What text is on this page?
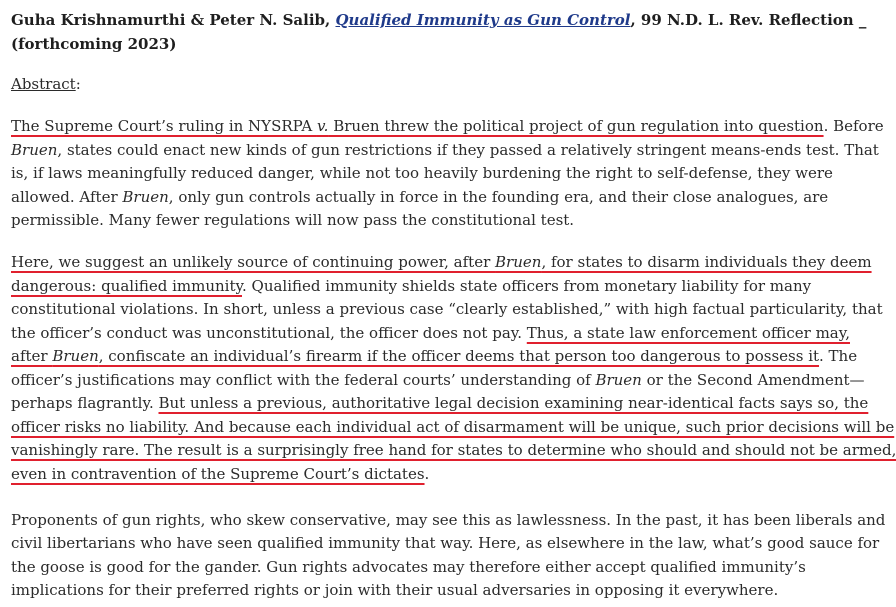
Guha Krishnamurthi & Peter N. Salib, Qualified Immunity as Gun Control, 99 N.D. L. Rev. Reflection _
(forthcoming 2023)
Abstract:
The Supreme Court’s ruling in NYSRPA v. Bruen threw the political project of gun regulation into question. Before
Bruen, states could enact new kinds of gun restrictions if they passed a relatively stringent means-ends test. That
is, if laws meaningfully reduced danger, while not too heavily burdening the right to self-defense, they were
allowed. After Bruen, only gun controls actually in force in the founding era, and their close analogues, are
permissible. Many fewer regulations will now pass the constitutional test.
Here, we suggest an unlikely source of continuing power, after Bruen, for states to disarm individuals they deem
dangerous: qualified immunity. Qualified immunity shields state officers from monetary liability for many
constitutional violations. In short, unless a previous case “clearly established,” with high factual particularity, that
the officer’s conduct was unconstitutional, the officer does not pay. Thus, a state law enforcement officer may,
after Bruen, confiscate an individual’s firearm if the officer deems that person too dangerous to possess it. The
officer’s justifications may conflict with the federal courts’ understanding of Bruen or the Second Amendment—
perhaps flagrantly. But unless a previous, authoritative legal decision examining near-identical facts says so, the
officer risks no liability. And because each individual act of disarmament will be unique, such prior decisions will be
vanishingly rare. The result is a surprisingly free hand for states to determine who should and should not be armed,
even in contravention of the Supreme Court’s dictates.
Proponents of gun rights, who skew conservative, may see this as lawlessness. In the past, it has been liberals and
civil libertarians who have seen qualified immunity that way. Here, as elsewhere in the law, what’s good sauce for
the goose is good for the gander. Gun rights advocates may therefore either accept qualified immunity’s
implications for their preferred rights or join with their usual adversaries in opposing it everywhere.
